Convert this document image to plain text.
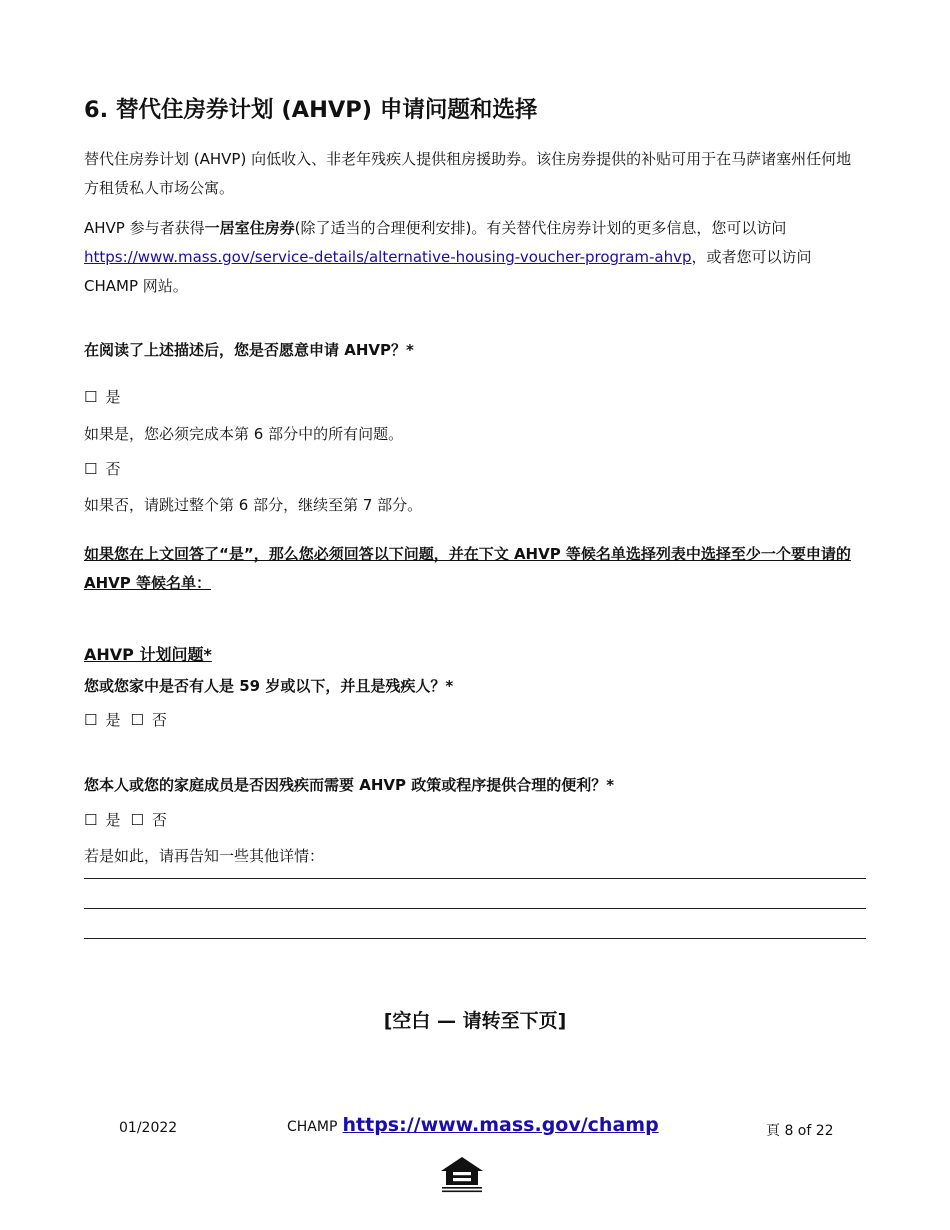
6. 替代住房券计划 (AHVP) 申请问题和选择
替代住房券计划 (AHVP) 向低收入、非老年残疾人提供租房援助券。该住房券提供的补贴可用于在马萨诸塞州任何地方租赁私人市场公寓。
AHVP 参与者获得一居室住房券(除了适当的合理便利安排)。有关替代住房券计划的更多信息，您可以访问 https://www.mass.gov/service-details/alternative-housing-voucher-program-ahvp，或者您可以访问 CHAMP 网站。
在阅读了上述描述后，您是否愿意申请 AHVP？*
☐ 是
如果是，您必须完成本第 6 部分中的所有问题。
☐ 否
如果否，请跳过整个第 6 部分，继续至第 7 部分。
如果您在上文回答了“是”，那么您必须回答以下问题，并在下文 AHVP 等候名单选择列表中选择至少一个要申请的 AHVP 等候名单：
AHVP 计划问题*
您或您家中是否有人是 59 岁或以下，并且是残疾人？*
☐ 是 ☐ 否
您本人或您的家庭成员是否因残疾而需要 AHVP 政策或程序提供合理的便利？*
☐ 是 ☐ 否
若是如此，请再告知一些其他详情：
[空白 — 请转至下页]
01/2022	CHAMP https://www.mass.gov/champ	頁 8 of 22
